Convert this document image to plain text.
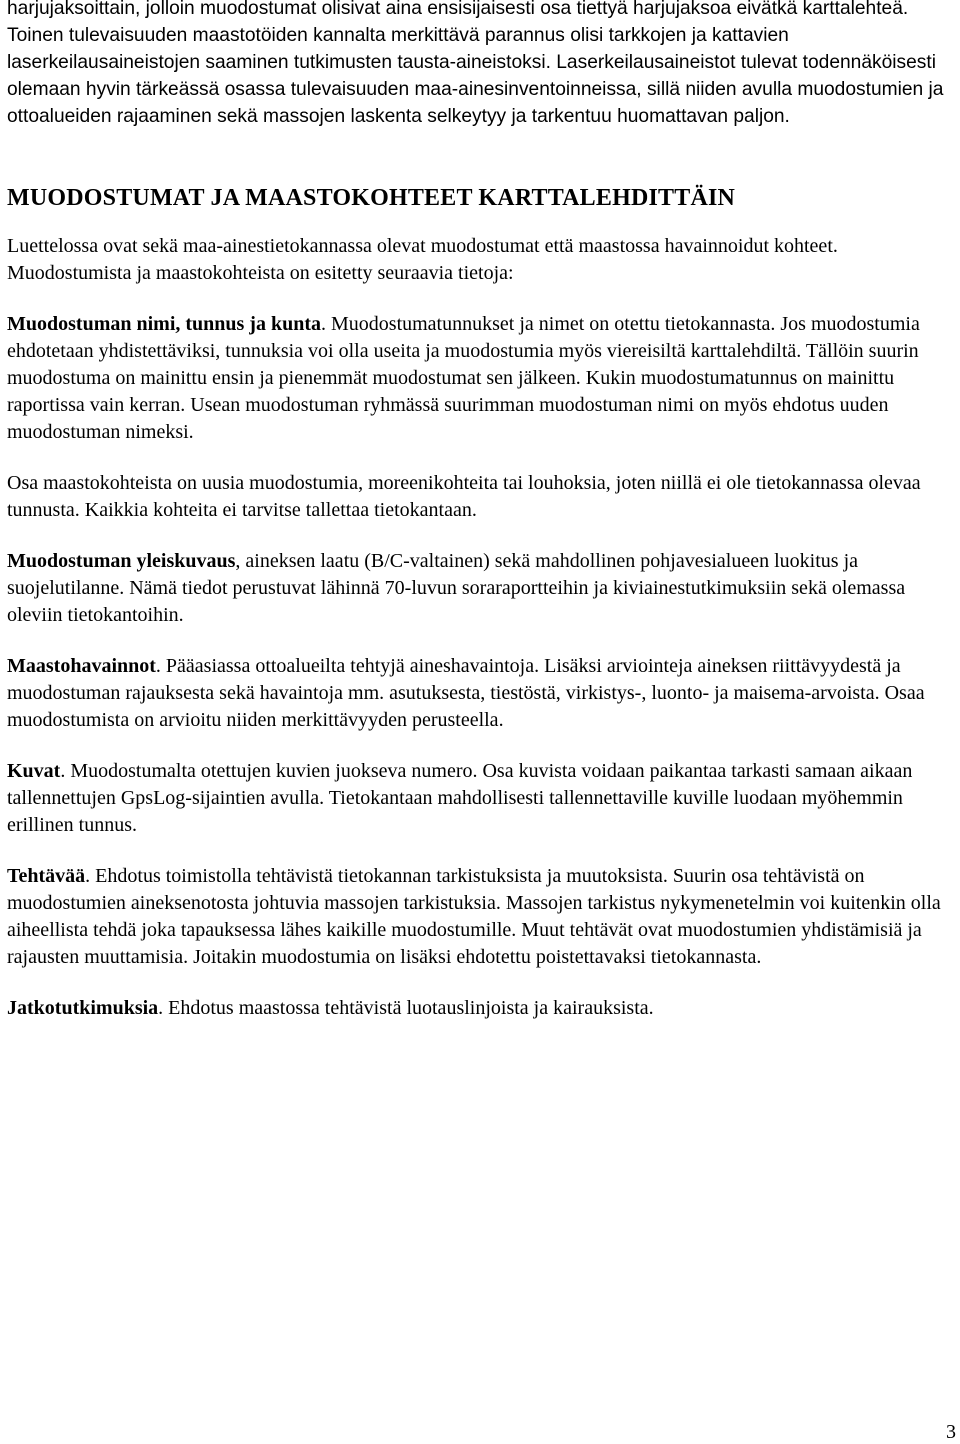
harjujaksoittain, jolloin muodostumat olisivat aina ensisijaisesti osa tiettyä harjujaksoa eivätkä karttalehteä. Toinen tulevaisuuden maastotöiden kannalta merkittävä parannus olisi tarkkojen ja kattavien laserkeilausaineistojen saaminen tutkimusten tausta-aineistoksi. Laserkeilausaineistot tulevat todennäköisesti olemaan hyvin tärkeässä osassa tulevaisuuden maa-ainesinventoinneissa, sillä niiden avulla muodostumien ja ottoalueiden rajaaminen sekä massojen laskenta selkeytyy ja tarkentuu huomattavan paljon.

MUODOSTUMAT JA MAASTOKOHTEET KARTTALEHDITTÄIN

Luettelossa ovat sekä maa-ainestietokannassa olevat muodostumat että maastossa havainnoidut kohteet. Muodostumista ja maastokohteista on esitetty seuraavia tietoja:

Muodostuman nimi, tunnus ja kunta. Muodostumatunnukset ja nimet on otettu tietokannasta. Jos muodostumia ehdotetaan yhdistettäviksi, tunnuksia voi olla useita ja muodostumia myös viereisiltä karttalehdiltä. Tällöin suurin muodostuma on mainittu ensin ja pienemmät muodostumat sen jälkeen. Kukin muodostumatunnus on mainittu raportissa vain kerran. Usean muodostuman ryhmässä suurimman muodostuman nimi on myös ehdotus uuden muodostuman nimeksi.

Osa maastokohteista on uusia muodostumia, moreenikohteita tai louhoksia, joten niillä ei ole tietokannassa olevaa tunnusta. Kaikkia kohteita ei tarvitse tallettaa tietokantaan.

Muodostuman yleiskuvaus, aineksen laatu (B/C-valtainen) sekä mahdollinen pohjavesialueen luokitus ja suojelutilanne. Nämä tiedot perustuvat lähinnä 70-luvun soraraportteihin ja kiviainestutkimuksiin sekä olemassa oleviin tietokantoihin.

Maastohavainnot. Pääasiassa ottoalueilta tehtyjä aineshavaintoja. Lisäksi arviointeja aineksen riittävyydestä ja muodostuman rajauksesta sekä havaintoja mm. asutuksesta, tiestöstä, virkistys-, luonto- ja maisema-arvoista. Osaa muodostumista on arvioitu niiden merkittävyyden perusteella.

Kuvat. Muodostumalta otettujen kuvien juokseva numero. Osa kuvista voidaan paikantaa tarkasti samaan aikaan tallennettujen GpsLog-sijaintien avulla. Tietokantaan mahdollisesti tallennettaville kuville luodaan myöhemmin erillinen tunnus.

Tehtävää. Ehdotus toimistolla tehtävistä tietokannan tarkistuksista ja muutoksista. Suurin osa tehtävistä on muodostumien aineksenotosta johtuvia massojen tarkistuksia. Massojen tarkistus nykymenetelmin voi kuitenkin olla aiheellista tehdä joka tapauksessa lähes kaikille muodostumille. Muut tehtävät ovat muodostumien yhdistämisiä ja rajausten muuttamisia. Joitakin muodostumia on lisäksi ehdotettu poistettavaksi tietokannasta.

Jatkotutkimuksia. Ehdotus maastossa tehtävistä luotauslinjoista ja kairauksista.

3
